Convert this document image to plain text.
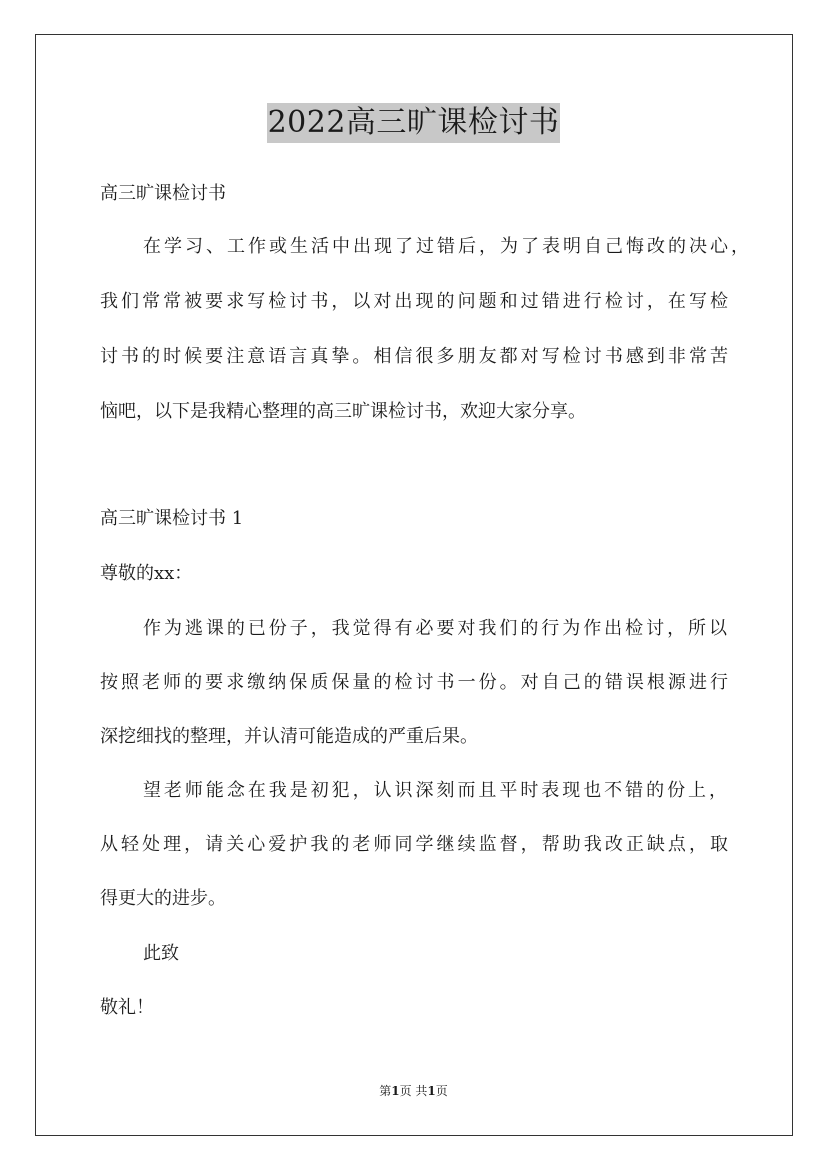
2022高三旷课检讨书
高三旷课检讨书
在学习、工作或生活中出现了过错后，为了表明自己悔改的决心，
我们常常被要求写检讨书，以对出现的问题和过错进行检讨，在写检
讨书的时候要注意语言真挚。相信很多朋友都对写检讨书感到非常苦
恼吧，以下是我精心整理的高三旷课检讨书，欢迎大家分享。
高三旷课检讨书 1
尊敬的xx：
作为逃课的已份子，我觉得有必要对我们的行为作出检讨，所以
按照老师的要求缴纳保质保量的检讨书一份。对自己的错误根源进行
深挖细找的整理，并认清可能造成的严重后果。
望老师能念在我是初犯，认识深刻而且平时表现也不错的份上，
从轻处理，请关心爱护我的老师同学继续监督，帮助我改正缺点，取
得更大的进步。
此致
敬礼！
第1页 共1页
